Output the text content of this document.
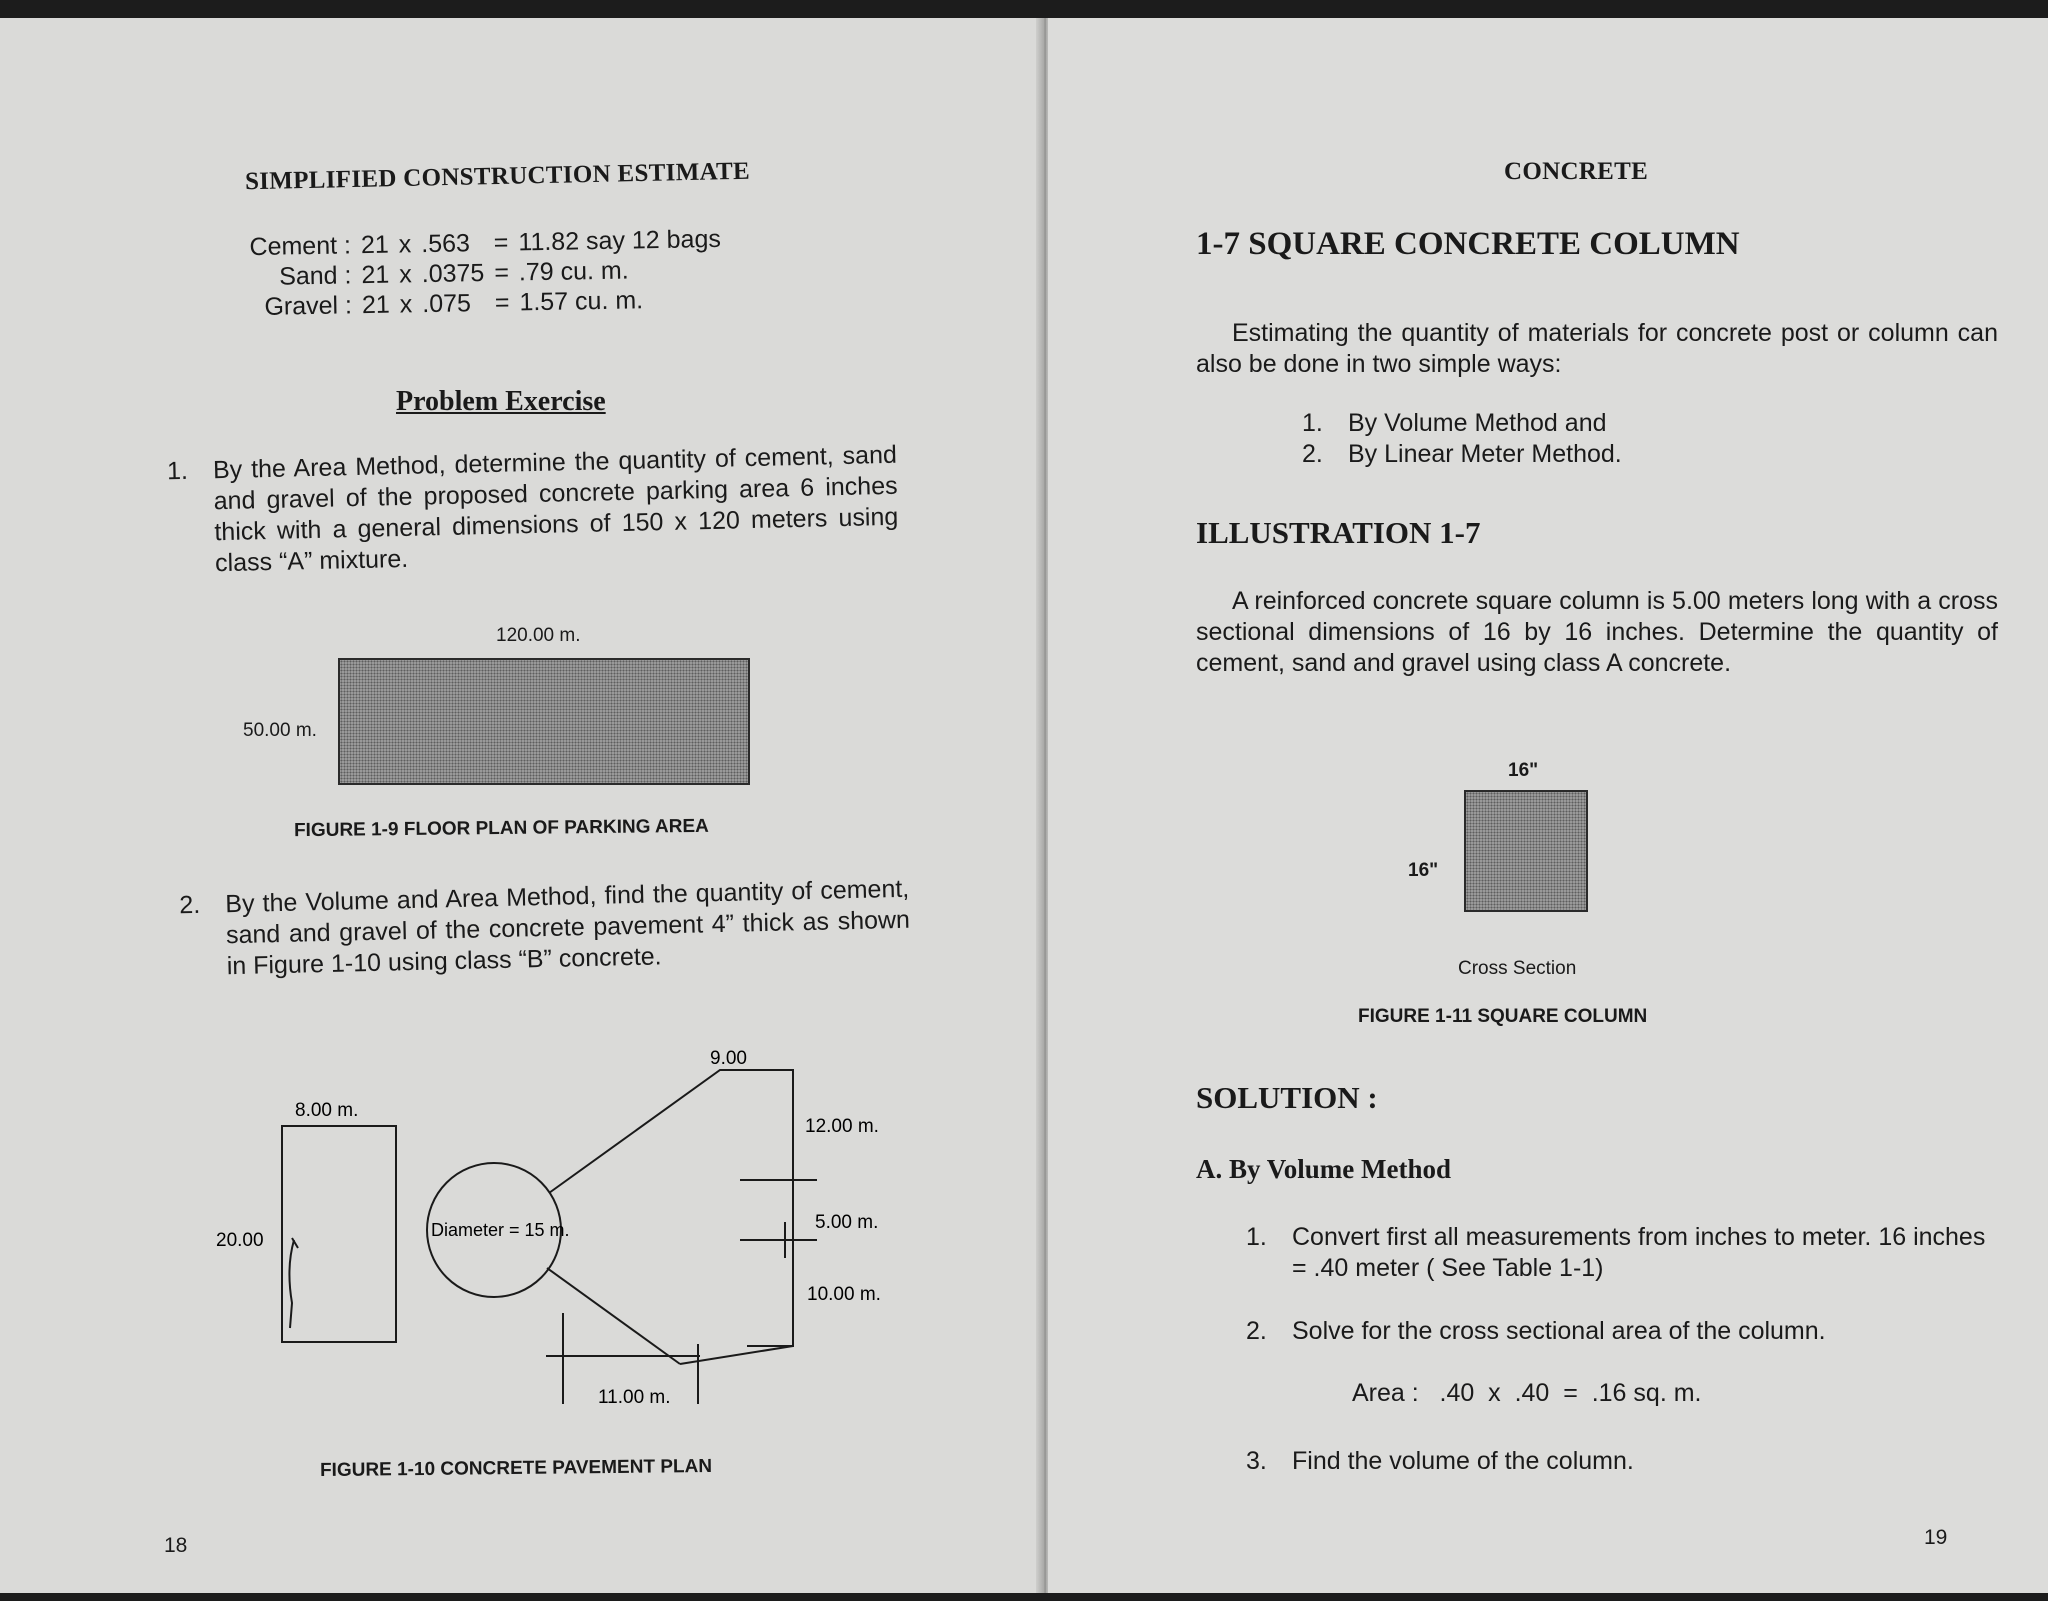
SIMPLIFIED CONSTRUCTION ESTIMATE
Cement :	21	x	.563	=	11.82 say 12 bags
Sand :	21	x	.0375	=	.79 cu. m.
Gravel :	21	x	.075	=	1.57 cu. m.
Problem Exercise
1. By the Area Method, determine the quantity of cement, sand and gravel of the proposed concrete parking area 6 inches thick with a general dimensions of 150 x 120 meters using class “A” mixture.
120.00 m.
50.00 m.
FIGURE 1-9 FLOOR PLAN OF PARKING AREA
2. By the Volume and Area Method, find the quantity of cement, sand and gravel of the concrete pavement 4” thick as shown in Figure 1-10 using class “B” concrete.
9.00
8.00 m.
12.00 m.
20.00	Diameter = 15 m.	5.00 m.
10.00 m.
11.00 m.
FIGURE 1-10 CONCRETE PAVEMENT PLAN
18
CONCRETE
1-7 SQUARE CONCRETE COLUMN
Estimating the quantity of materials for concrete post or column can also be done in two simple ways:
1.	By Volume Method and
2.	By Linear Meter Method.
ILLUSTRATION 1-7
A reinforced concrete square column is 5.00 meters long with a cross sectional dimensions of 16 by 16 inches. Determine the quantity of cement, sand and gravel using class A concrete.
16"
16"
Cross Section
FIGURE 1-11 SQUARE COLUMN
SOLUTION :
A. By Volume Method
1.	Convert first all measurements from inches to meter. 16 inches = .40 meter ( See Table 1-1)
2.	Solve for the cross sectional area of the column.
Area :   .40  x  .40  =  .16 sq. m.
3.	Find the volume of the column.
19
